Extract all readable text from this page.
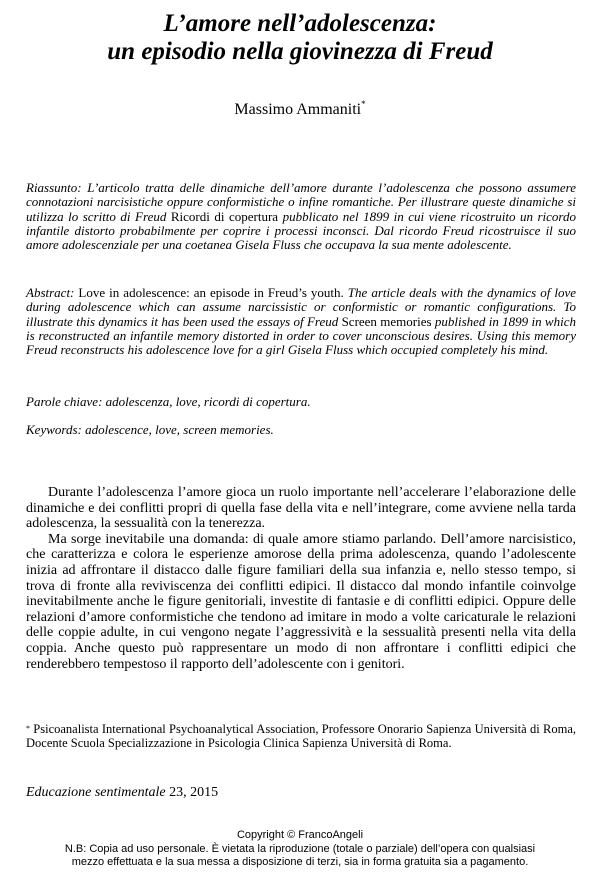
L’amore nell’adolescenza:
un episodio nella giovinezza di Freud
Massimo Ammaniti*
Riassunto: L’articolo tratta delle dinamiche dell’amore durante l’adolescenza che possono assumere connotazioni narcisistiche oppure conformistiche o infine romantiche. Per illustrare queste dinamiche si utilizza lo scritto di Freud Ricordi di copertura pubblicato nel 1899 in cui viene ricostruito un ricordo infantile distorto probabilmente per coprire i processi inconsci. Dal ricordo Freud ricostruisce il suo amore adolescenziale per una coetanea Gisela Fluss che occupava la sua mente adolescente.
Abstract: Love in adolescence: an episode in Freud’s youth. The article deals with the dynamics of love during adolescence which can assume narcissistic or conformistic or romantic configurations. To illustrate this dynamics it has been used the essays of Freud Screen memories published in 1899 in which is reconstructed an infantile memory distorted in order to cover unconscious desires. Using this memory Freud reconstructs his adolescence love for a girl Gisela Fluss which occupied completely his mind.
Parole chiave: adolescenza, love, ricordi di copertura.
Keywords: adolescence, love, screen memories.

Durante l’adolescenza l’amore gioca un ruolo importante nell’accelerare l’elaborazione delle dinamiche e dei conflitti propri di quella fase della vita e nell’integrare, come avviene nella tarda adolescenza, la sessualità con la tenerezza.

Ma sorge inevitabile una domanda: di quale amore stiamo parlando. Dell’amore narcisistico, che caratterizza e colora le esperienze amorose della prima adolescenza, quando l’adolescente inizia ad affrontare il distacco dalle figure familiari della sua infanzia e, nello stesso tempo, si trova di fronte alla reviviscenza dei conflitti edipici. Il distacco dal mondo infantile coinvolge inevitabilmente anche le figure genitoriali, investite di fantasie e di conflitti edipici. Oppure delle relazioni d’amore conformistiche che tendono ad imitare in modo a volte caricaturale le relazioni delle coppie adulte, in cui vengono negate l’aggressività e la sessualità presenti nella vita della coppia. Anche questo può rappresentare un modo di non affrontare i conflitti edipici che renderebbero tempestoso il rapporto dell’adolescente con i genitori.

* Psicoanalista International Psychoanalytical Association, Professore Onorario Sapienza Università di Roma, Docente Scuola Specializzazione in Psicologia Clinica Sapienza Università di Roma.
Educazione sentimentale 23, 2015
Copyright © FrancoAngeli
N.B: Copia ad uso personale. È vietata la riproduzione (totale o parziale) dell’opera con qualsiasi
mezzo effettuata e la sua messa a disposizione di terzi, sia in forma gratuita sia a pagamento.
